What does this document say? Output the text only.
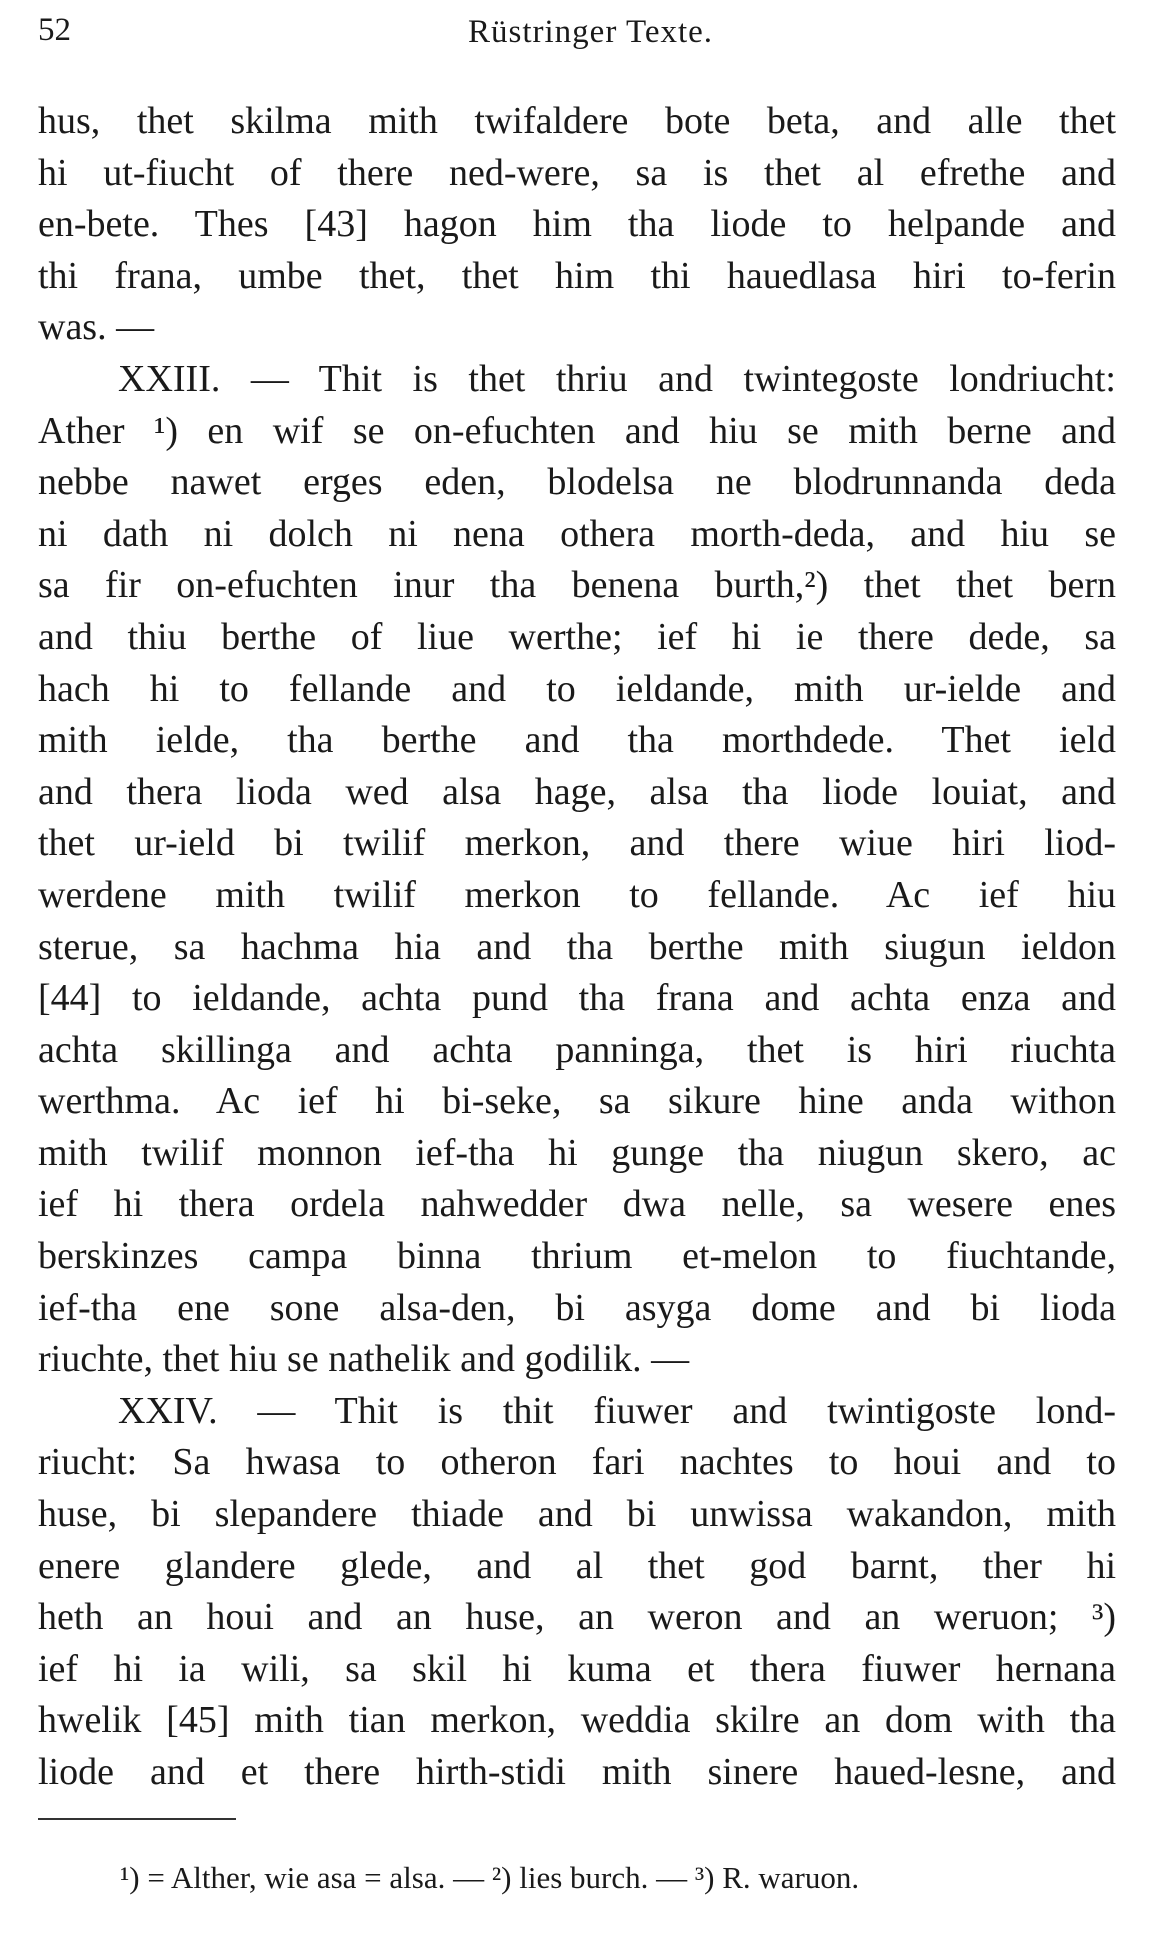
52	Rüstringer Texte.
hus, thet skilma mith twifaldere bote beta, and alle thet
hi ut-fiucht of there ned-were, sa is thet al efrethe and
en-bete. Thes [43] hagon him tha liode to helpande and
thi frana, umbe thet, thet him thi hauedlasa hiri to-ferin
was. —
XXIII. — Thit is thet thriu and twintegoste londriucht:
Ather ¹) en wif se on-efuchten and hiu se mith berne and
nebbe nawet erges eden, blodelsa ne blodrunnanda deda
ni dath ni dolch ni nena othera morth-deda, and hiu se
sa fir on-efuchten inur tha benena burth,²) thet thet bern
and thiu berthe of liue werthe; ief hi ie there dede, sa
hach hi to fellande and to ieldande, mith ur-ielde and
mith ielde, tha berthe and tha morthdede. Thet ield
and thera lioda wed alsa hage, alsa tha liode louiat, and
thet ur-ield bi twilif merkon, and there wiue hiri liod-
werdene mith twilif merkon to fellande. Ac ief hiu
sterue, sa hachma hia and tha berthe mith siugun ieldon
[44] to ieldande, achta pund tha frana and achta enza and
achta skillinga and achta panninga, thet is hiri riuchta
werthma. Ac ief hi bi-seke, sa sikure hine anda withon
mith twilif monnon ief-tha hi gunge tha niugun skero, ac
ief hi thera ordela nahwedder dwa nelle, sa wesere enes
berskinzes campa binna thrium et-melon to fiuchtande,
ief-tha ene sone alsa-den, bi asyga dome and bi lioda
riuchte, thet hiu se nathelik and godilik. —
XXIV. — Thit is thit fiuwer and twintigoste lond-
riucht: Sa hwasa to otheron fari nachtes to houi and to
huse, bi slepandere thiade and bi unwissa wakandon, mith
enere glandere glede, and al thet god barnt, ther hi
heth an houi and an huse, an weron and an weruon; ³)
ief hi ia wili, sa skil hi kuma et thera fiuwer hernana
hwelik [45] mith tian merkon, weddia skilre an dom with tha
liode and et there hirth-stidi mith sinere haued-lesne, and
¹) = Alther, wie asa = alsa. — ²) lies burch. — ³) R. waruon.
